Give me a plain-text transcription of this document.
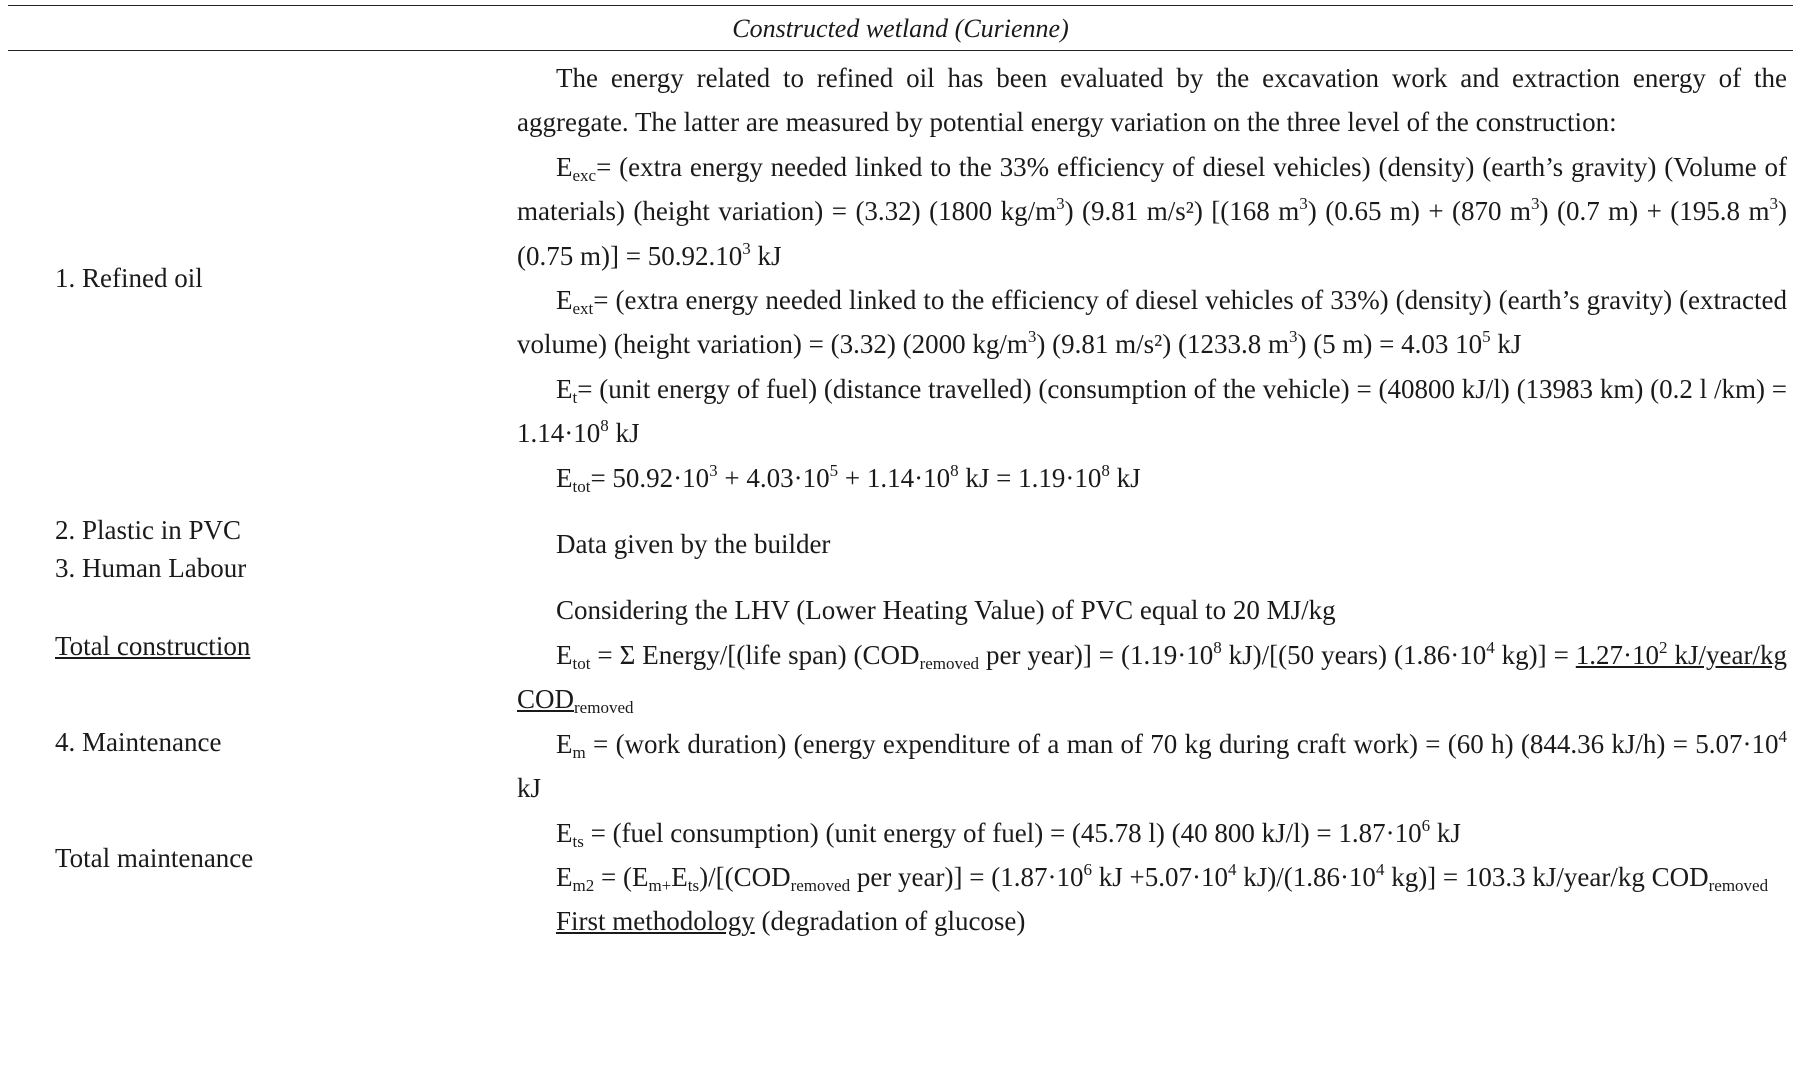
Constructed wetland (Curienne)
1. Refined oil
2. Plastic in PVC
3. Human Labour
Total construction
4. Maintenance
Total maintenance

The energy related to refined oil has been evaluated by the excavation work and extraction energy of the aggregate. The latter are measured by potential energy variation on the three level of the construction:

$E_{exc}=$ (extra energy needed linked to the 33% efficiency of diesel vehicles) (density) (earth’s gravity) (Volume of materials) (height variation) = (3.32) (1800 $kg/m^3$) (9.81 m/s²) [(168 $m^3$) (0.65 m) + (870 $m^3$) (0.7 m) + (195.8 $m^3$) (0.75 $m)] = 50.92.10^3$ kJ

$E_{ext}=$ (extra energy needed linked to the efficiency of diesel vehicles of 33%) (density) (earth’s gravity) (extracted volume) (height variation) = (3.32) (2000 $kg/m^3$) (9.81 m/s²) (1233.8 $m^3$) (5 m) = 4.03 $10^5$ kJ

$E_t=$ (unit energy of fuel) (distance travelled) (consumption of the vehicle) = (40800 kJ/l) (13983 km) (0.2 l $/km) = 1.14\cdot 10^8$ kJ

$E_{tot}= 50.92\cdot 10^3 + 4.03\cdot 10^5 + 1.14\cdot 10^8$ kJ = $1.19\cdot 10^8$ kJ

Data given by the builder

Considering the LHV (Lower Heating Value) of PVC equal to 20 MJ/kg

$E_{tot} = \Sigma$ Energy/[(life span) ($COD_{removed}$ per year)] = ($1.19\cdot 10^8$ kJ)/[(50 years) ($1.86\cdot 10^4$ $kg)] = 1.27\cdot 10^2$ kJ/year/kg $COD_{removed}$

$E_m$ = (work duration) (energy expenditure of a man of 70 kg during craft work) = (60 h) (844.36 $kJ/h) = 5.07\cdot 10^4$ kJ

$E_{ts}$ = (fuel consumption) (unit energy of fuel) = (45.78 l) (40 800 $kJ/l) = 1.87\cdot 10^6$ kJ

$E_{m2} = (E_{m+}E_{ts})/[(COD_{removed}$ per year)] = ($1.87\cdot 10^6$ kJ $+5.07\cdot 10^4$ $kJ)/(1.86\cdot 10^4$ kg)] = 103.3 kJ/year/kg $COD_{removed}$

First methodology (degradation of glucose)
